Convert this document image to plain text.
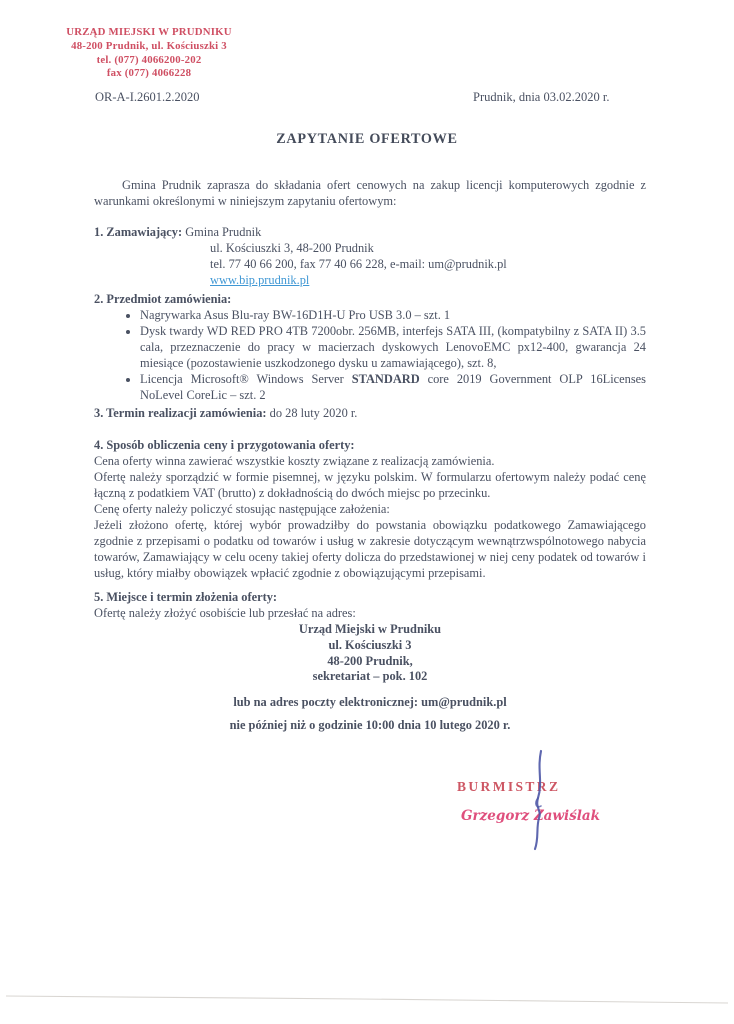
URZĄD MIEJSKI W PRUDNIKU
48-200 Prudnik, ul. Kościuszki 3
tel. (077) 4066200-202
fax (077) 4066228
OR-A-I.2601.2.2020	Prudnik, dnia 03.02.2020 r.
ZAPYTANIE OFERTOWE

Gmina Prudnik zaprasza do składania ofert cenowych na zakup licencji komputerowych zgodnie z warunkami określonymi w niniejszym zapytaniu ofertowym:

1. Zamawiający: Gmina Prudnik
ul. Kościuszki 3, 48-200 Prudnik
tel. 77 40 66 200, fax 77 40 66 228, e-mail: um@prudnik.pl
www.bip.prudnik.pl
2. Przedmiot zamówienia:
• Nagrywarka Asus Blu-ray BW-16D1H-U Pro USB 3.0 – szt. 1
• Dysk twardy WD RED PRO 4TB 7200obr. 256MB, interfejs SATA III, (kompatybilny z SATA II) 3.5 cala, przeznaczenie do pracy w macierzach dyskowych LenovoEMC px12-400, gwarancja 24 miesiące (pozostawienie uszkodzonego dysku u zamawiającego), szt. 8,
• Licencja Microsoft® Windows Server STANDARD core 2019 Government OLP 16Licenses NoLevel CoreLic – szt. 2
3. Termin realizacji zamówienia: do 28 luty 2020 r.
4. Sposób obliczenia ceny i przygotowania oferty:

Cena oferty winna zawierać wszystkie koszty związane z realizacją zamówienia.

Ofertę należy sporządzić w formie pisemnej, w języku polskim. W formularzu ofertowym należy podać cenę łączną z podatkiem VAT (brutto) z dokładnością do dwóch miejsc po przecinku.

Cenę oferty należy policzyć stosując następujące założenia:

Jeżeli złożono ofertę, której wybór prowadziłby do powstania obowiązku podatkowego Zamawiającego zgodnie z przepisami o podatku od towarów i usług w zakresie dotyczącym wewnątrzwspólnotowego nabycia towarów, Zamawiający w celu oceny takiej oferty dolicza do przedstawionej w niej ceny podatek od towarów i usług, który miałby obowiązek wpłacić zgodnie z obowiązującymi przepisami.

5. Miejsce i termin złożenia oferty:
Ofertę należy złożyć osobiście lub przesłać na adres:
Urząd Miejski w Prudniku
ul. Kościuszki 3
48-200 Prudnik,
sekretariat – pok. 102
lub na adres poczty elektronicznej: um@prudnik.pl
nie później niż o godzinie 10:00 dnia 10 lutego 2020 r.
BURMISTRZ
Grzegorz Zawiślak
